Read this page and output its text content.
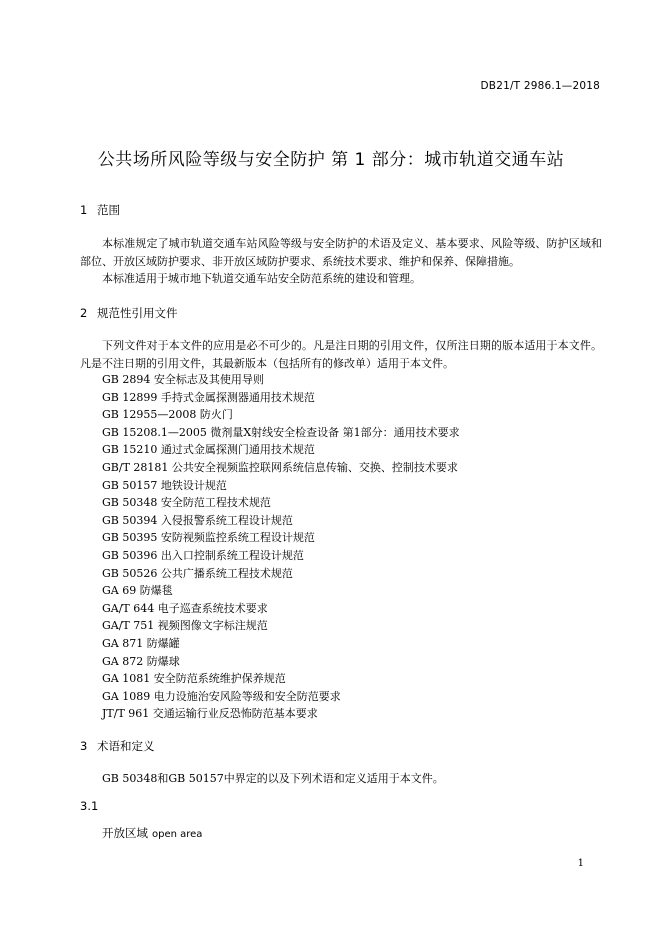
DB21/T 2986.1—2018
公共场所风险等级与安全防护 第 1 部分：城市轨道交通车站
1 范围
本标准规定了城市轨道交通车站风险等级与安全防护的术语及定义、基本要求、风险等级、防护区域和部位、开放区域防护要求、非开放区域防护要求、系统技术要求、维护和保养、保障措施。
本标准适用于城市地下轨道交通车站安全防范系统的建设和管理。
2 规范性引用文件
下列文件对于本文件的应用是必不可少的。凡是注日期的引用文件，仅所注日期的版本适用于本文件。凡是不注日期的引用文件，其最新版本（包括所有的修改单）适用于本文件。
GB 2894 安全标志及其使用导则
GB 12899 手持式金属探测器通用技术规范
GB 12955—2008 防火门
GB 15208.1—2005 微剂量X射线安全检查设备 第1部分：通用技术要求
GB 15210 通过式金属探测门通用技术规范
GB/T 28181 公共安全视频监控联网系统信息传输、交换、控制技术要求
GB 50157 地铁设计规范
GB 50348 安全防范工程技术规范
GB 50394 入侵报警系统工程设计规范
GB 50395 安防视频监控系统工程设计规范
GB 50396 出入口控制系统工程设计规范
GB 50526 公共广播系统工程技术规范
GA 69 防爆毯
GA/T 644 电子巡查系统技术要求
GA/T 751 视频图像文字标注规范
GA 871 防爆罐
GA 872 防爆球
GA 1081 安全防范系统维护保养规范
GA 1089 电力设施治安风险等级和安全防范要求
JT/T 961 交通运输行业反恐怖防范基本要求
3 术语和定义
GB 50348和GB 50157中界定的以及下列术语和定义适用于本文件。
3.1
开放区域 open area
1
